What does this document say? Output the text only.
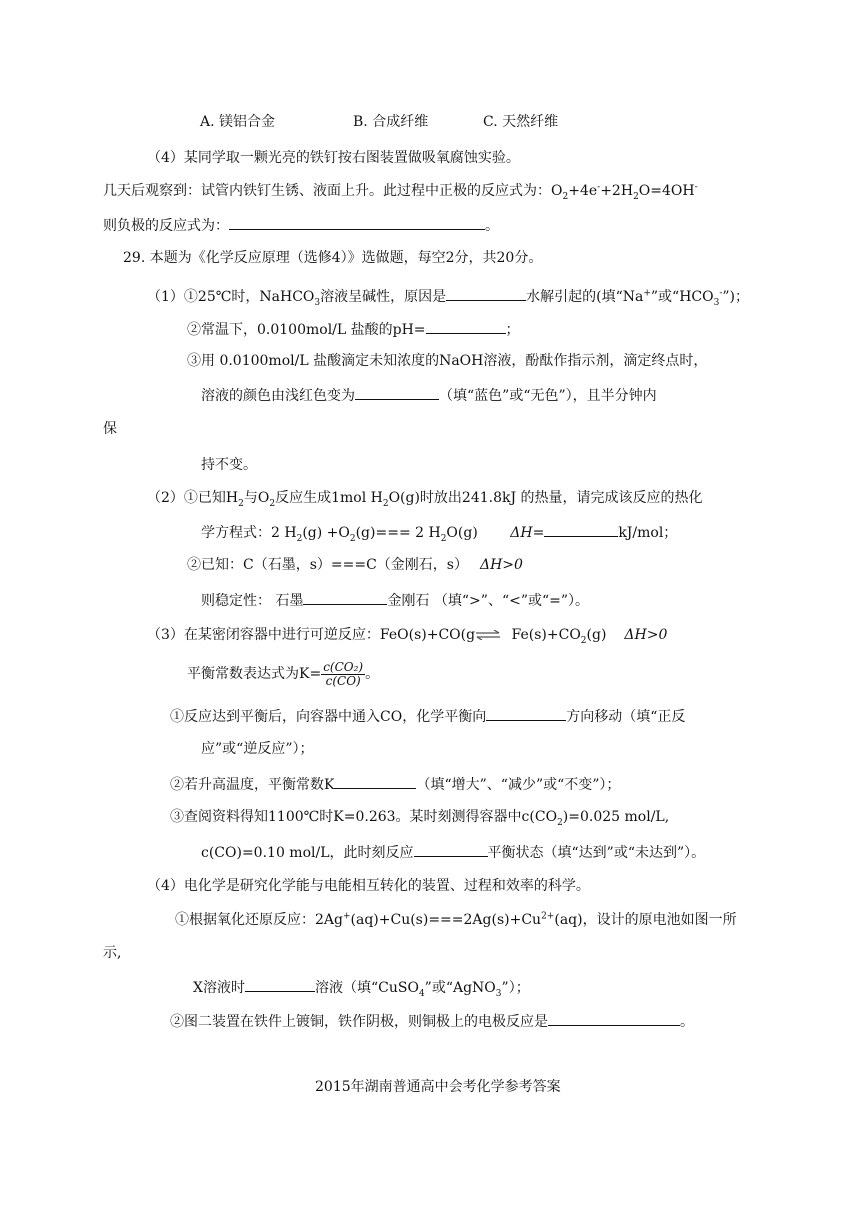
A. 镁铝合金	B. 合成纤维	C. 天然纤维
（4）某同学取一颗光亮的铁钉按右图装置做吸氧腐蚀实验。
几天后观察到：试管内铁钉生锈、液面上升。此过程中正极的反应式为：$O_2+4e^-+2H_2O=4OH^-$
则负极的反应式为：	。
29. 本题为《化学反应原理（选修4）》选做题，每空2分，共20分。
（1）①25℃时，NaHCO$_3$溶液呈碱性，原因是	水解引起的(填“Na+”或“$HCO_3^-$”)；
②常温下，0.0100mol/L 盐酸的pH=	；
③用 0.0100mol/L 盐酸滴定未知浓度的NaOH溶液，酚酞作指示剂，滴定终点时，
溶液的颜色由浅红色变为	（填“蓝色”或“无色”），且半分钟内
保
持不变。
（2）①已知$H_2$与$O_2$反应生成1mol $H_2O(g)$时放出241.8kJ 的热量，请完成该反应的热化
学方程式：2 $H_2(g) +O_2(g)=== 2$ $H_2O(g)$ ΔH=	kJ/mol；
②已知：C（石墨，s）===C（金刚石，s） ΔH>0
则稳定性： 石墨	金刚石 （填“>”、“<”或“=”）。
（3）在某密闭容器中进行可逆反应：FeO(s)+CO(g⇌ $Fe(s)+CO_2(g)$ ΔH>0
平衡常数表达式为$K= \frac{\text{c(CO₂)}}{c(CO)}$ 。
①反应达到平衡后，向容器中通入CO，化学平衡向	方向移动（填“正反
应”或“逆反应”）；
②若升高温度，平衡常数K	（填“增大”、“减少”或“不变”）；
③查阅资料得知1100℃时K=0.263。某时刻测得容器中$c(CO_2)=0.025$ mol/L,
c(CO)=0.10 mol/L，此时刻反应	平衡状态（填“达到”或“未达到”）。
（4）电化学是研究化学能与电能相互转化的装置、过程和效率的科学。
①根据氧化还原反应：$2Ag^+(aq)+Cu(s)===2Ag(s)+Cu^{2+}(aq)$，设计的原电池如图一所
示,
X溶液时	溶液（填“CuSO$_4$”或“AgNO$_3$”）；
②图二装置在铁件上镀铜，铁作阴极，则铜极上的电极反应是	。
2015年湖南普通高中会考化学参考答案
